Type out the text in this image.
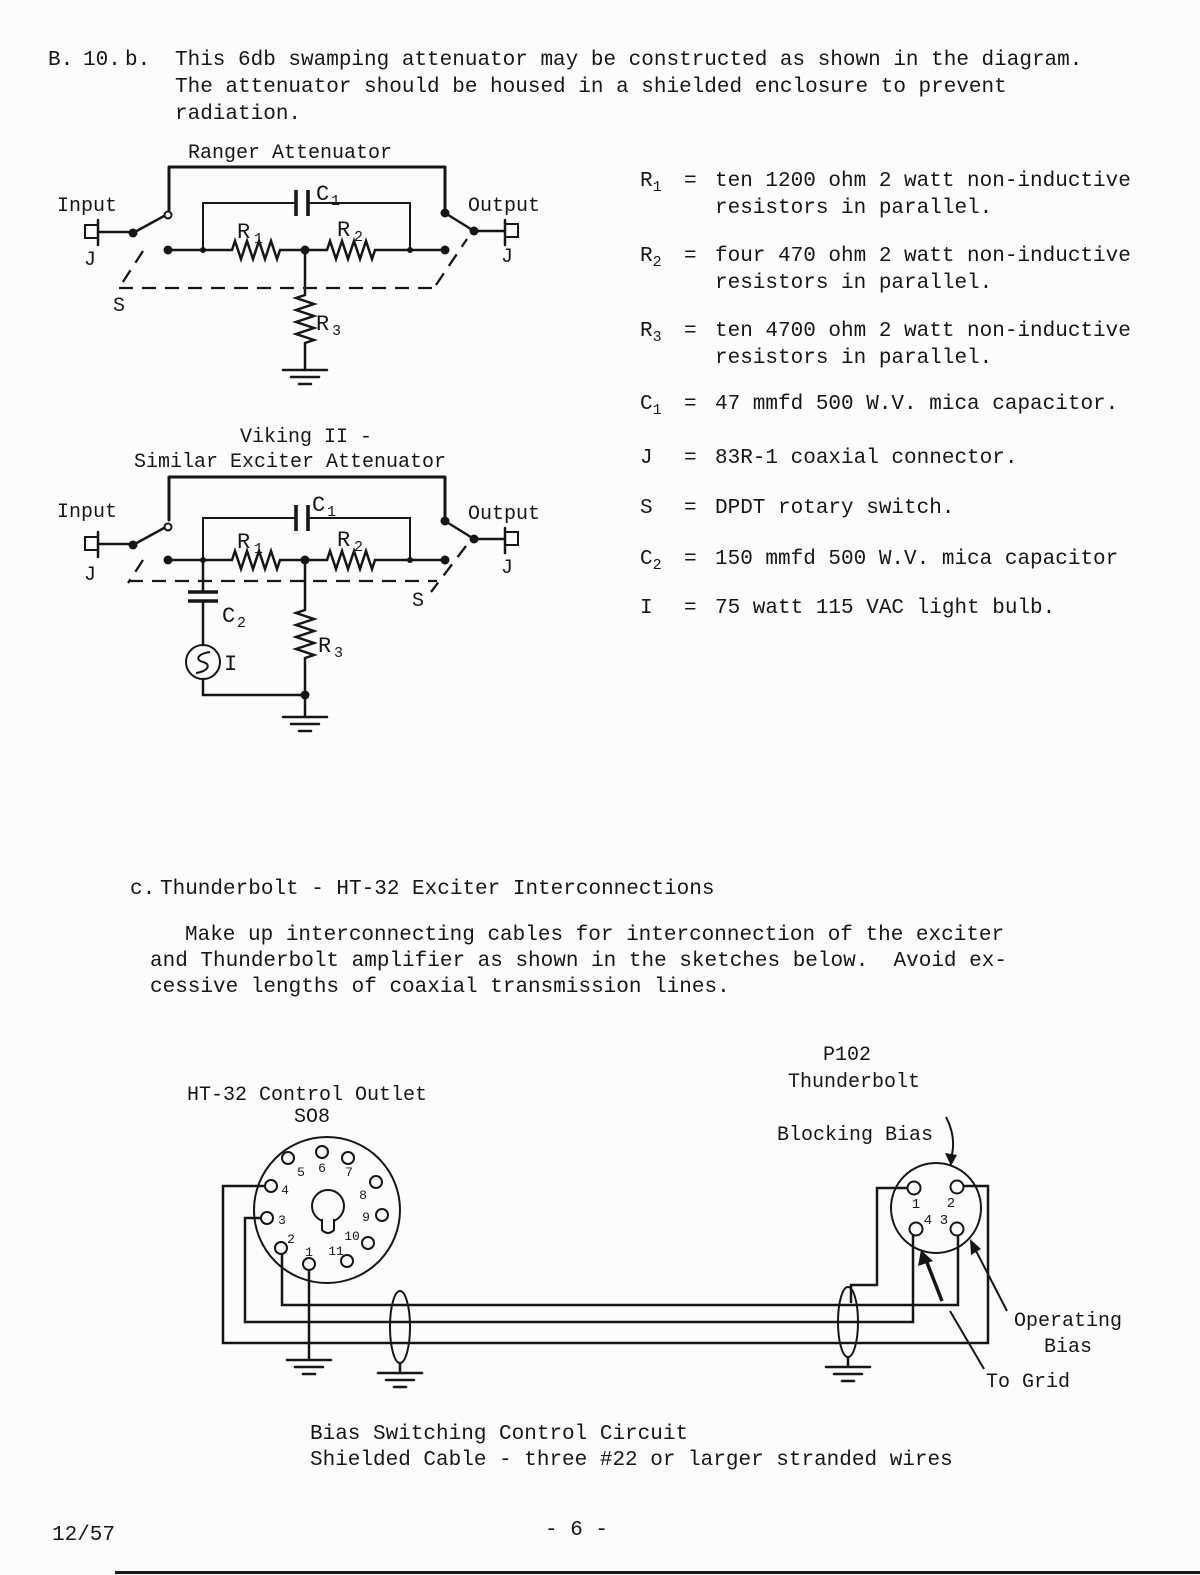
B. 10. b. This 6db swamping attenuator may be constructed as shown in the diagram.
The attenuator should be housed in a shielded enclosure to prevent
radiation.
Ranger Attenuator
Input
J
Output
J
S
R 1	R 2
C 1
R 3
$R_1$	= ten 1200 ohm 2 watt non-inductive
resistors in parallel.
$R_2$	= four 470 ohm 2 watt non-inductive
resistors in parallel.
$R_3$	= ten 4700 ohm 2 watt non-inductive
resistors in parallel.
$C_1$	= 47 mmfd 500 W.V. mica capacitor.
J	= 83R-1 coaxial connector.
S	= DPDT rotary switch.
$C_2$	= 150 mmfd 500 W.V. mica capacitor
I	= 75 watt 115 VAC light bulb.
Viking II -
Similar Exciter Attenuator
Input
J
Output
J
S
R 1	R 2
C 1
C 2
I
R 3
c. Thunderbolt - HT-32 Exciter Interconnections
Make up interconnecting cables for interconnection of the exciter
and Thunderbolt amplifier as shown in the sketches below.  Avoid ex-
cessive lengths of coaxial transmission lines.
HT-32 Control Outlet
SO8
P102
Thunderbolt
Blocking Bias
Operating
Bias
To Grid
1
2
3
4
5 6 7
8
9
10
11
1 2
3
4
Bias Switching Control Circuit
Shielded Cable - three #22 or larger stranded wires
12/57	- 6 -
